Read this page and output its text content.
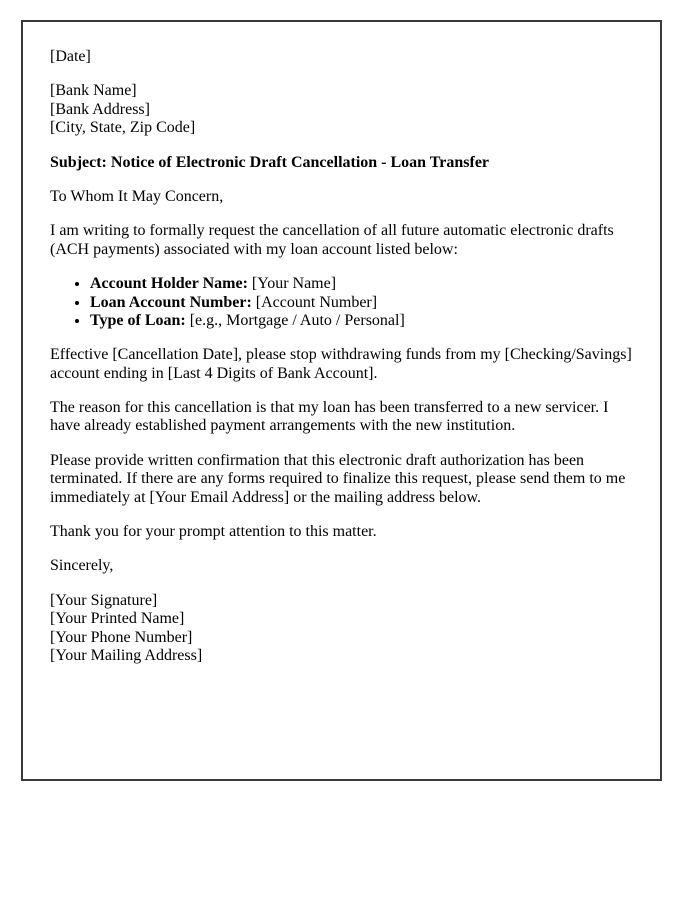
[Date]

[Bank Name]
[Bank Address]
[City, State, Zip Code]

Subject: Notice of Electronic Draft Cancellation - Loan Transfer

To Whom It May Concern,

I am writing to formally request the cancellation of all future automatic electronic drafts (ACH payments) associated with my loan account listed below:

• Account Holder Name: [Your Name]
• Loan Account Number: [Account Number]
• Type of Loan: [e.g., Mortgage / Auto / Personal]

Effective [Cancellation Date], please stop withdrawing funds from my [Checking/Savings] account ending in [Last 4 Digits of Bank Account].

The reason for this cancellation is that my loan has been transferred to a new servicer. I have already established payment arrangements with the new institution.

Please provide written confirmation that this electronic draft authorization has been terminated. If there are any forms required to finalize this request, please send them to me immediately at [Your Email Address] or the mailing address below.

Thank you for your prompt attention to this matter.

Sincerely,

[Your Signature]
[Your Printed Name]
[Your Phone Number]
[Your Mailing Address]
